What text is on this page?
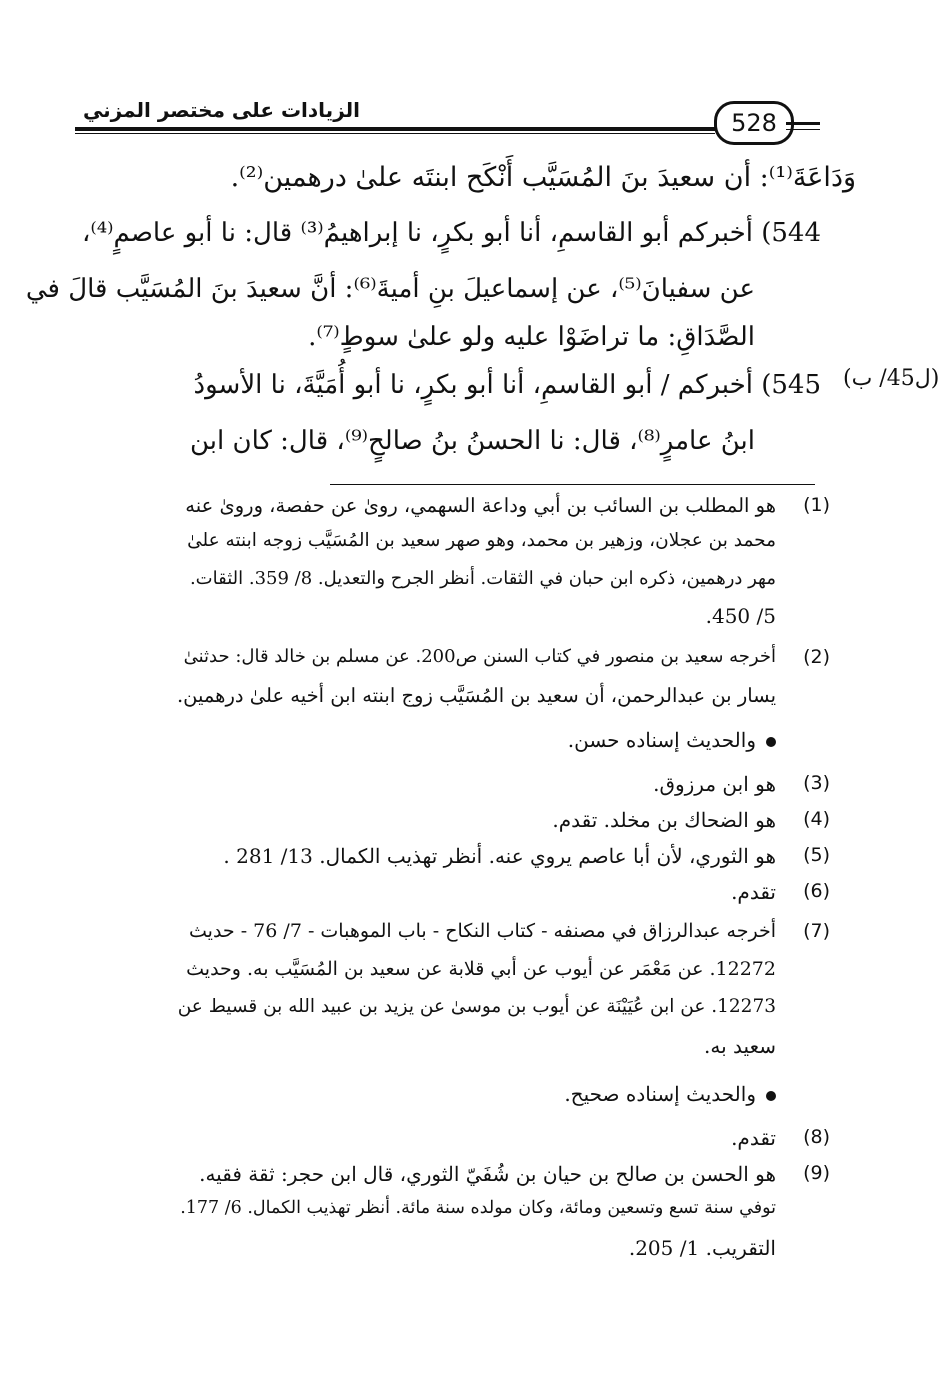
الزيادات على مختصر المزني	528
وَدَاعَةَ⁽¹⁾: أن سعيدَ بنَ المُسَيَّب أَنْكَح ابنتَه علىٰ درهمين⁽²⁾.
544) أخبركم أبو القاسمِ، أنا أبو بكرٍ، نا إبراهيمُ⁽³⁾ قال: نا أبو عاصمٍ⁽⁴⁾،
عن سفيانَ⁽⁵⁾، عن إسماعيلَ بنِ أميةَ⁽⁶⁾: أنَّ سعيدَ بنَ المُسَيَّب قالَ في
الصَّدَاقِ: ما تراضَوْا عليه ولو علىٰ سوطٍ⁽⁷⁾.
545) أخبركم / أبو القاسمِ، أنا أبو بكرٍ، نا أبو أُمَيَّةَ، نا الأسودُ
ابنُ عامرٍ⁽⁸⁾، قال: نا الحسنُ بنُ صالحٍ⁽⁹⁾، قال: كان ابن
(ل45/ ب)
(1)
هو المطلب بن السائب بن أبي وداعة السهمي، روىٰ عن حفصة، وروىٰ عنه
محمد بن عجلان، وزهير بن محمد، وهو صهر سعيد بن المُسَيَّب زوجه ابنته علىٰ
مهر درهمين، ذكره ابن حبان في الثقات. أنظر الجرح والتعديل. 8/ 359. الثقات.
5/ 450.
(2)
أخرجه سعيد بن منصور في كتاب السنن ص200. عن مسلم بن خالد قال: حدثنىٰ
يسار بن عبدالرحمن، أن سعيد بن المُسَيَّب زوج ابنته ابن أخيه علىٰ درهمين.
والحديث إسناده حسن.
(3)
هو ابن مرزوق.
(4)
هو الضحاك بن مخلد. تقدم.
(5)
هو الثوري، لأن أبا عاصم يروي عنه. أنظر تهذيب الكمال. 13/ 281 .
(6)
تقدم.
(7)
أخرجه عبدالرزاق في مصنفه - كتاب النكاح - باب الموهبات - 7/ 76 - حديث
12272. عن مَعْمَر عن أيوب عن أبي قلابة عن سعيد بن المُسَيَّب به. وحديث
12273. عن ابن عُيَيْنَة عن أيوب بن موسىٰ عن يزيد بن عبيد الله بن قسيط عن
سعيد به.
والحديث إسناده صحيح.
(8)
تقدم.
(9)
هو الحسن بن صالح بن حيان بن شُفَيّ الثوري، قال ابن حجر: ثقة فقيه.
توفي سنة تسع وتسعين ومائة، وكان مولده سنة مائة. أنظر تهذيب الكمال. 6/ 177.
التقريب. 1/ 205.
